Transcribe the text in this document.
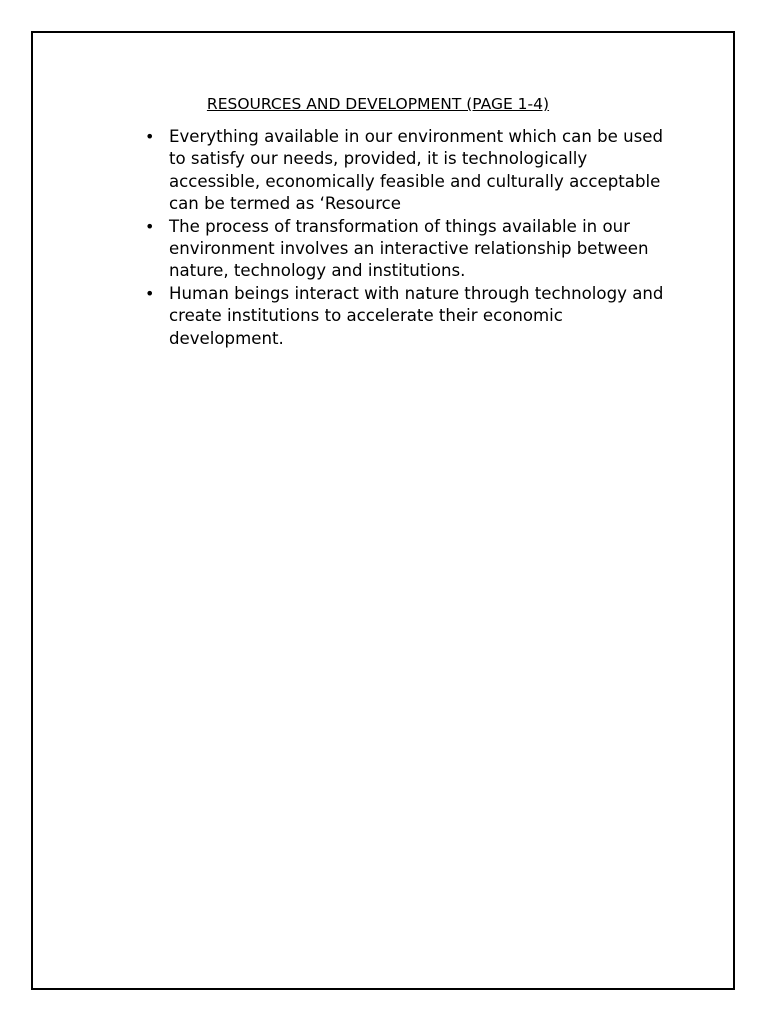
RESOURCES AND DEVELOPMENT (PAGE 1-4)
• Everything available in our environment which can be used to satisfy our needs, provided, it is technologically accessible, economically feasible and culturally acceptable can be termed as ‘Resource
• The process of transformation of things available in our environment involves an interactive relationship between nature, technology and institutions.
• Human beings interact with nature through technology and create institutions to accelerate their economic development.
